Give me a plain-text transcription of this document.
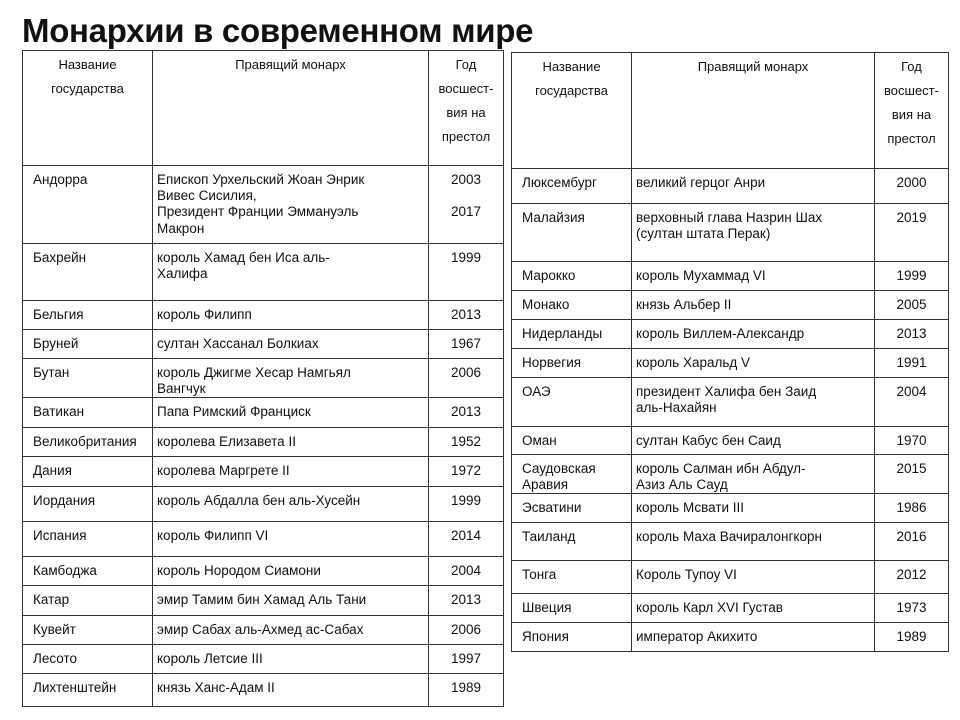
Монархии в современном мире
Название
государства	Правящий монарх	Год
восшест-
вия на
престол
Андорра	Епископ Урхельский Жоан Энрик
Вивес Сисилия,
Президент Франции Эммануэль
Макрон	2003

2017

Бахрейн	король Хамад бен Иса аль-
Халифа	1999

Бельгия	король Филипп	2013

Бруней	султан Хассанал Болкиах	1967

Бутан	король Джигме Хесар Намгьял
Вангчук	2006

Ватикан	Папа Римский Франциск	2013

Великобритания	королева Елизавета II	1952

Дания	королева Маргрете II	1972

Иордания	король Абдалла бен аль-Хусейн	1999

Испания	король Филипп VI	2014

Камбоджа	король Нородом Сиамони	2004

Катар	эмир Тамим бин Хамад Аль Тани	2013

Кувейт	эмир Сабах аль-Ахмед ас-Сабах	2006

Лесото	король Летсие III	1997

Лихтенштейн	князь Ханс-Адам II	1989
Название
государства	Правящий монарх	Год
восшест-
вия на
престол
Люксембург	великий герцог Анри	2000

Малайзия	верховный глава Назрин Шах
(султан штата Перак)	2019

Марокко	король Мухаммад VI	1999

Монако	князь Альбер II	2005

Нидерланды	король Виллем-Александр	2013

Норвегия	король Харальд V	1991

ОАЭ	президент Халифа бен Заид
аль-Нахайян	2004

Оман	султан Кабус бен Саид	1970

Саудовская
Аравия	король Салман ибн Абдул-
Азиз Аль Сауд	2015

Эсватини	король Мсвати III	1986

Таиланд	король Маха Вачиралонгкорн	2016

Тонга	Король Тупоу VI	2012

Швеция	король Карл XVI Густав	1973

Япония	император Акихито	1989
